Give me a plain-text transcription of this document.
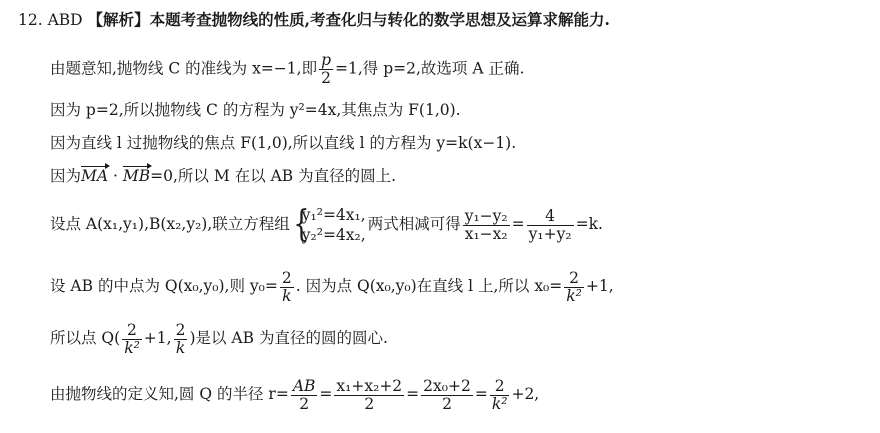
12. ABD 【解析】本题考查抛物线的性质,考查化归与转化的数学思想及运算求解能力.
由题意知,抛物线 C 的准线为 x=−1,即 $\frac{p}{2} =1$,得 p=2,故选项 A 正确.
因为 p=2,所以抛物线 C 的方程为 y²=4x,其焦点为 F(1,0).
因为直线 l 过抛物线的焦点 F(1,0),所以直线 l 的方程为 y=k(x−1).
因为MA · MB=0,所以 M 在以 AB 为直径的圆上.
设点 A(x₁,y₁),B(x₂,y₂),联立方程组 {
y₁²=4x₁,
y₂²=4x₂,
两式相减可得 $\frac{\text{y₁−y₂}}{\text{x₁−x₂}} = \frac{4}{\text{y₁+y₂}} =k$.
设 AB 的中点为 Q(x₀,y₀),则 $y_0= \frac{2}{k}$ . 因为点 Q(x₀,y₀)在直线 l 上,所以 $x_0= \frac{2}{\text{k²}} +1$,
所以点 $Q( \frac{2}{\text{k²}} +1$, $\frac{2}{k}$ )是以 AB 为直径的圆的圆心.
由抛物线的定义知,圆 Q 的半径 $r= \frac{AB}{2} = \frac{\text{x₁+x₂+2}}{2} = \frac{\text{2x₀+2}}{2} = \frac{2}{\text{k²}} +2$,
